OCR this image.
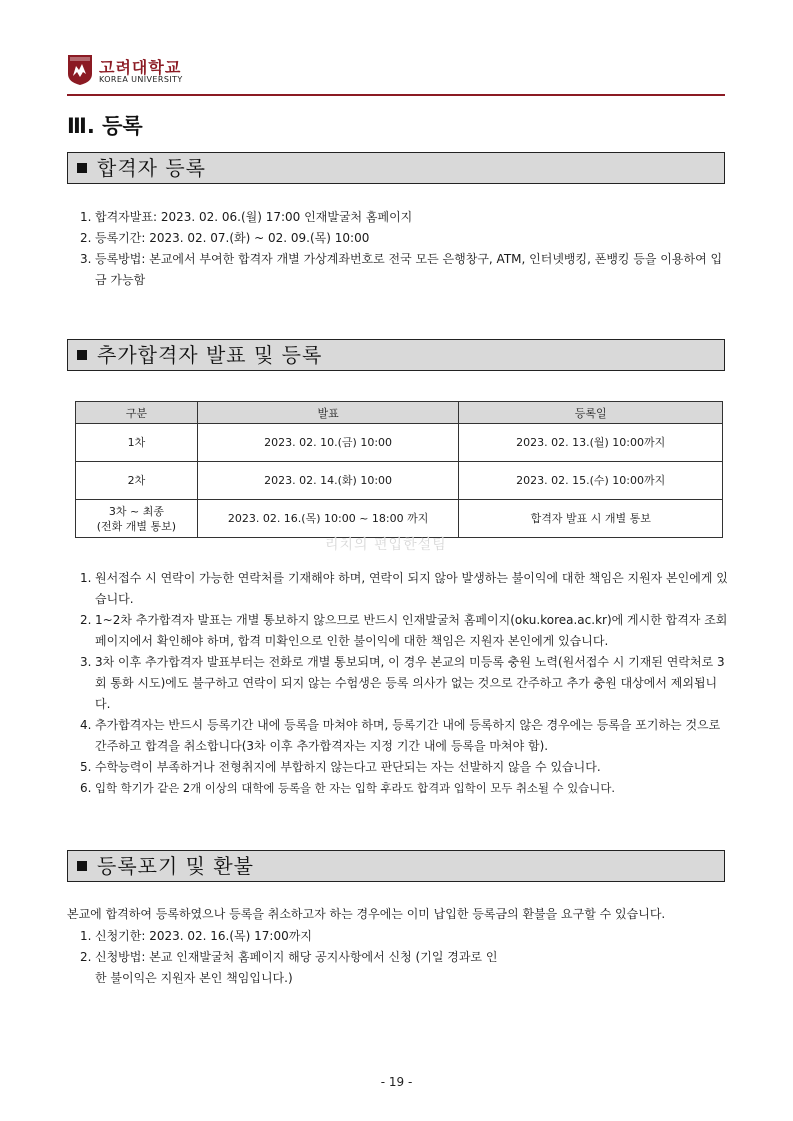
고려대학교
KOREA UNIVERSITY
Ⅲ. 등록
합격자 등록
1. 합격자발표: 2023. 02. 06.(월) 17:00 인재발굴처 홈페이지
2. 등록기간: 2023. 02. 07.(화) ~ 02. 09.(목) 10:00
3. 등록방법: 본교에서 부여한 합격자 개별 가상계좌번호로 전국 모든 은행창구, ATM, 인터넷뱅킹, 폰뱅킹 등을 이용하여 입금 가능함
추가합격자 발표 및 등록
구분	발표	등록일
1차	2023. 02. 10.(금) 10:00	2023. 02. 13.(월) 10:00까지
2차	2023. 02. 14.(화) 10:00	2023. 02. 15.(수) 10:00까지
3차 ~ 최종
(전화 개별 통보)	2023. 02. 16.(목) 10:00 ~ 18:00 까지	합격자 발표 시 개별 통보
리치의 편입한설팀
1. 원서접수 시 연락이 가능한 연락처를 기재해야 하며, 연락이 되지 않아 발생하는 불이익에 대한 책임은 지원자 본인에게 있습니다.
2. 1~2차 추가합격자 발표는 개별 통보하지 않으므로 반드시 인재발굴처 홈페이지(oku.korea.ac.kr)에 게시한 합격자 조회 페이지에서 확인해야 하며, 합격 미확인으로 인한 불이익에 대한 책임은 지원자 본인에게 있습니다.
3. 3차 이후 추가합격자 발표부터는 전화로 개별 통보되며, 이 경우 본교의 미등록 충원 노력(원서접수 시 기재된 연락처로 3회 통화 시도)에도 불구하고 연락이 되지 않는 수험생은 등록 의사가 없는 것으로 간주하고 추가 충원 대상에서 제외됩니다.
4. 추가합격자는 반드시 등록기간 내에 등록을 마쳐야 하며, 등록기간 내에 등록하지 않은 경우에는 등록을 포기하는 것으로 간주하고 합격을 취소합니다(3차 이후 추가합격자는 지정 기간 내에 등록을 마쳐야 함).
5. 수학능력이 부족하거나 전형취지에 부합하지 않는다고 판단되는 자는 선발하지 않을 수 있습니다.
6. 입학 학기가 같은 2개 이상의 대학에 등록을 한 자는 입학 후라도 합격과 입학이 모두 취소될 수 있습니다.
등록포기 및 환불
본교에 합격하여 등록하였으나 등록을 취소하고자 하는 경우에는 이미 납입한 등록금의 환불을 요구할 수 있습니다.
1. 신청기한: 2023. 02. 16.(목) 17:00까지
2. 신청방법: 본교 인재발굴처 홈페이지 해당 공지사항에서 신청 (기일 경과로 인한 불이익은 지원자 본인 책임입니다.)
- 19 -
